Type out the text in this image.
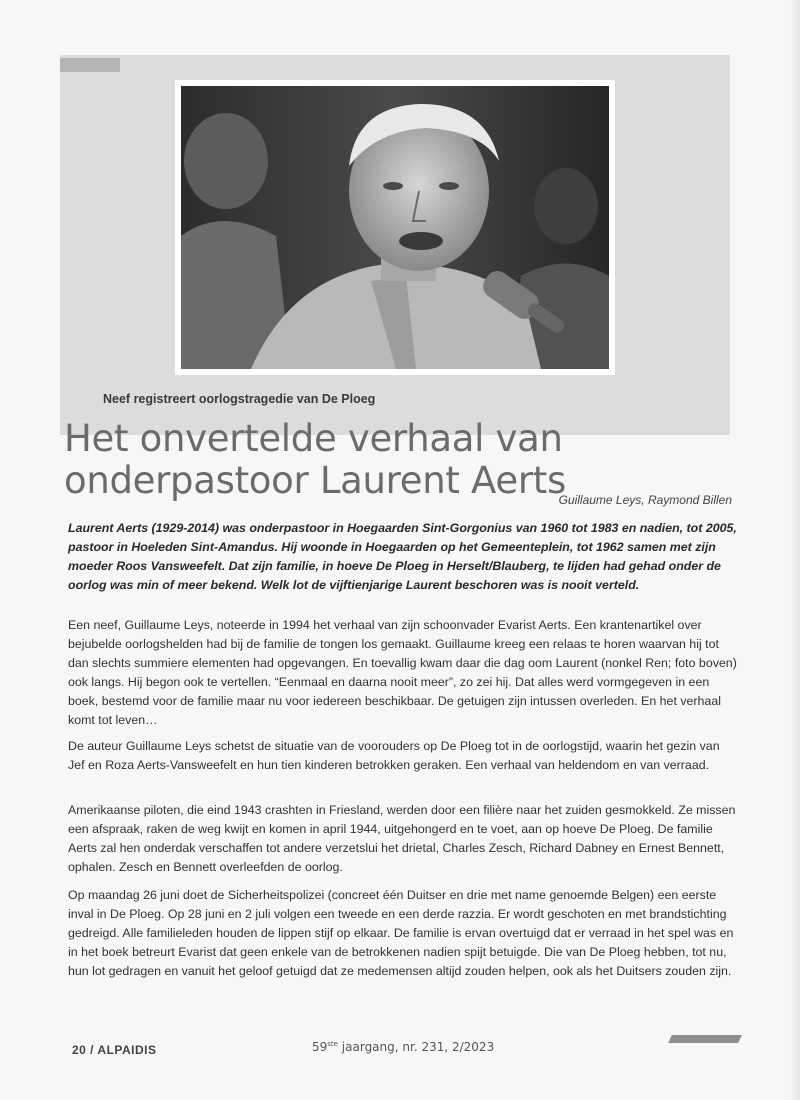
Neef registreert oorlogstragedie van De Ploeg
Het onvertelde verhaal van
onderpastoor Laurent Aerts
Guillaume Leys, Raymond Billen

Laurent Aerts (1929-2014) was onderpastoor in Hoegaarden Sint-Gorgonius van 1960 tot 1983 en nadien, tot 2005, pastoor in Hoeleden Sint-Amandus. Hij woonde in Hoegaarden op het Gemeenteplein, tot 1962 samen met zijn moeder Roos Vansweefelt. Dat zijn familie, in hoeve De Ploeg in Herselt/Blauberg, te lijden had gehad onder de oorlog was min of meer bekend. Welk lot de vijftienjarige Laurent beschoren was is nooit verteld.

Een neef, Guillaume Leys, noteerde in 1994 het verhaal van zijn schoonvader Evarist Aerts. Een krantenartikel over bejubelde oorlogshelden had bij de familie de tongen los gemaakt. Guillaume kreeg een relaas te horen waarvan hij tot dan slechts summiere elementen had opgevangen. En toevallig kwam daar die dag oom Laurent (nonkel Ren; foto boven) ook langs. Hij begon ook te vertellen. “Eenmaal en daarna nooit meer”, zo zei hij. Dat alles werd vormgegeven in een boek, bestemd voor de familie maar nu voor iedereen beschikbaar. De getuigen zijn intussen overleden. En het verhaal komt tot leven…

De auteur Guillaume Leys schetst de situatie van de voorouders op De Ploeg tot in de oorlogstijd, waarin het gezin van Jef en Roza Aerts-Vansweefelt en hun tien kinderen betrokken geraken. Een verhaal van heldendom en van verraad.

Amerikaanse piloten, die eind 1943 crashten in Friesland, werden door een filière naar het zuiden gesmokkeld. Ze missen een afspraak, raken de weg kwijt en komen in april 1944, uitgehongerd en te voet, aan op hoeve De Ploeg. De familie Aerts zal hen onderdak verschaffen tot andere verzetslui het drietal, Charles Zesch, Richard Dabney en Ernest Bennett, ophalen. Zesch en Bennett overleefden de oorlog.

Op maandag 26 juni doet de Sicherheitspolizei (concreet één Duitser en drie met name genoemde Belgen) een eerste inval in De Ploeg. Op 28 juni en 2 juli volgen een tweede en een derde razzia. Er wordt geschoten en met brandstichting gedreigd. Alle familieleden houden de lippen stijf op elkaar. De familie is ervan overtuigd dat er verraad in het spel was en in het boek betreurt Evarist dat geen enkele van de betrokkenen nadien spijt betuigde. Die van De Ploeg hebben, tot nu, hun lot gedragen en vanuit het geloof getuigd dat ze medemensen altijd zouden helpen, ook als het Duitsers zouden zijn.

20 / ALPAIDIS	59ste jaargang, nr. 231, 2/2023
